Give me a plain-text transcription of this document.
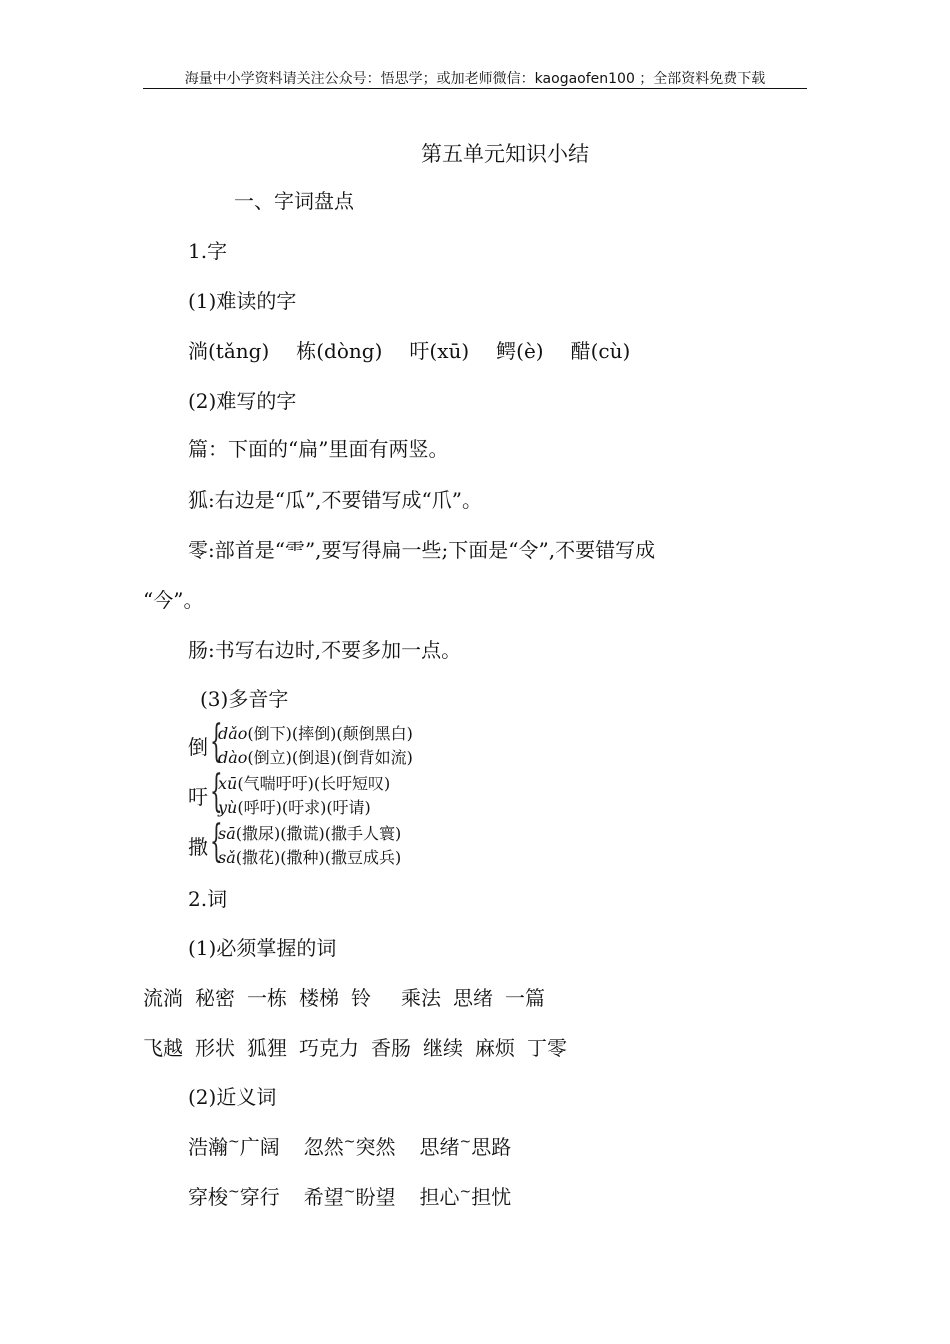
海量中小学资料请关注公众号：悟思学；或加老师微信：kaogaofen100 ；全部资料免费下载
第五单元知识小结
一、字词盘点
1.字
(1)难读的字
淌(tǎng) 栋(dòng) 吁(xū) 鳄(è) 醋(cù)
(2)难写的字
篇：下面的“扁”里面有两竖。
狐:右边是“瓜”,不要错写成“爪”。
零:部首是“⻗”,要写得扁一些;下面是“令”,不要错写成
“今”。
肠:书写右边时,不要多加一点。
(3)多音字
倒 {
dǎo(倒下)(摔倒)(颠倒黑白)
dào(倒立)(倒退)(倒背如流)
吁 {
xū(气喘吁吁)(长吁短叹)
yù(呼吁)(吁求)(吁请)
撒 {
sā(撒尿)(撒谎)(撒手人寰)
sǎ(撒花)(撒种)(撒豆成兵)
2.词
(1)必须掌握的词
流淌 秘密 一栋 楼梯 铃 乘法 思绪 一篇
飞越 形状 狐狸 巧克力 香肠 继续 麻烦 丁零
(2)近义词
浩瀚~广阔 忽然~突然 思绪~思路
穿梭~穿行 希望~盼望 担心~担忧
